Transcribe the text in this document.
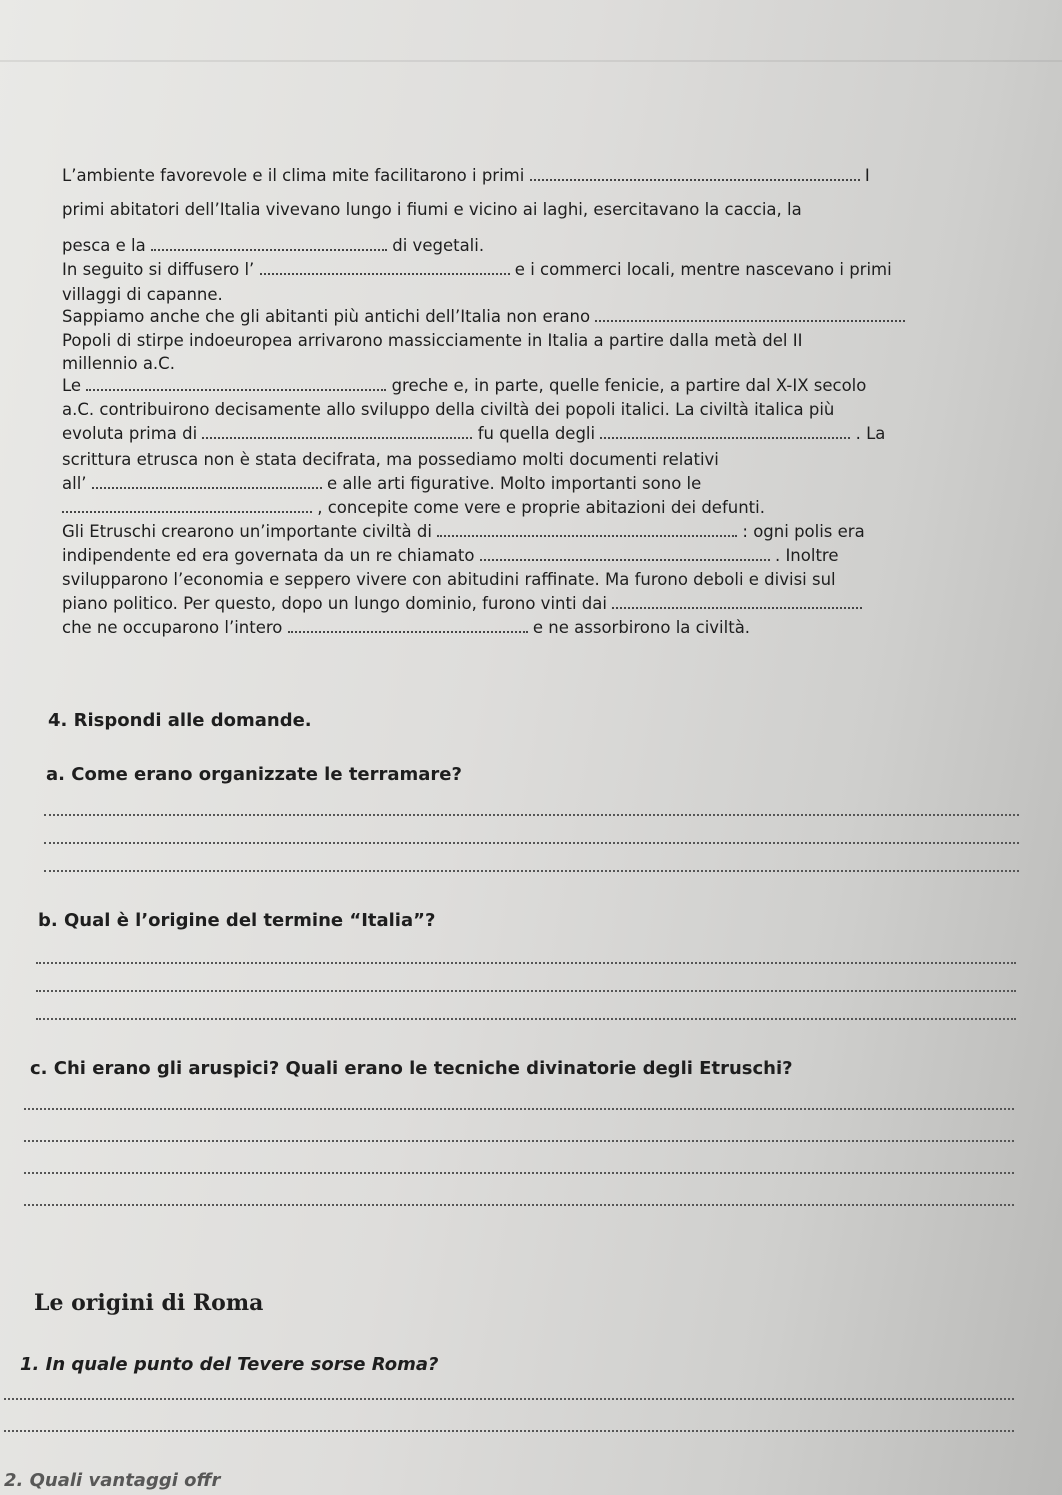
L’ambiente favorevole e il clima mite facilitarono i primi	I
primi abitatori dell’Italia vivevano lungo i fiumi e vicino ai laghi, esercitavano la caccia, la
pesca e la	di vegetali.
In seguito si diffusero l’	e i commerci locali, mentre nascevano i primi
villaggi di capanne.
Sappiamo anche che gli abitanti più antichi dell’Italia non erano
Popoli di stirpe indoeuropea arrivarono massicciamente in Italia a partire dalla metà del II
millennio a.C.
Le	greche e, in parte, quelle fenicie, a partire dal X-IX secolo
a.C. contribuirono decisamente allo sviluppo della civiltà dei popoli italici. La civiltà italica più
evoluta prima di	fu quella degli	. La
scrittura etrusca non è stata decifrata, ma possediamo molti documenti relativi
all’	e alle arti figurative. Molto importanti sono le
, concepite come vere e proprie abitazioni dei defunti.
Gli Etruschi crearono un’importante civiltà di	: ogni polis era
indipendente ed era governata da un re chiamato	. Inoltre
svilupparono l’economia e seppero vivere con abitudini raffinate. Ma furono deboli e divisi sul
piano politico. Per questo, dopo un lungo dominio, furono vinti dai
che ne occuparono l’intero	e ne assorbirono la civiltà.
4. Rispondi alle domande.
a. Come erano organizzate le terramare?
b. Qual è l’origine del termine “Italia”?
c. Chi erano gli aruspici? Quali erano le tecniche divinatorie degli Etruschi?
Le origini di Roma
1. In quale punto del Tevere sorse Roma?
2. Quali vantaggi offr
